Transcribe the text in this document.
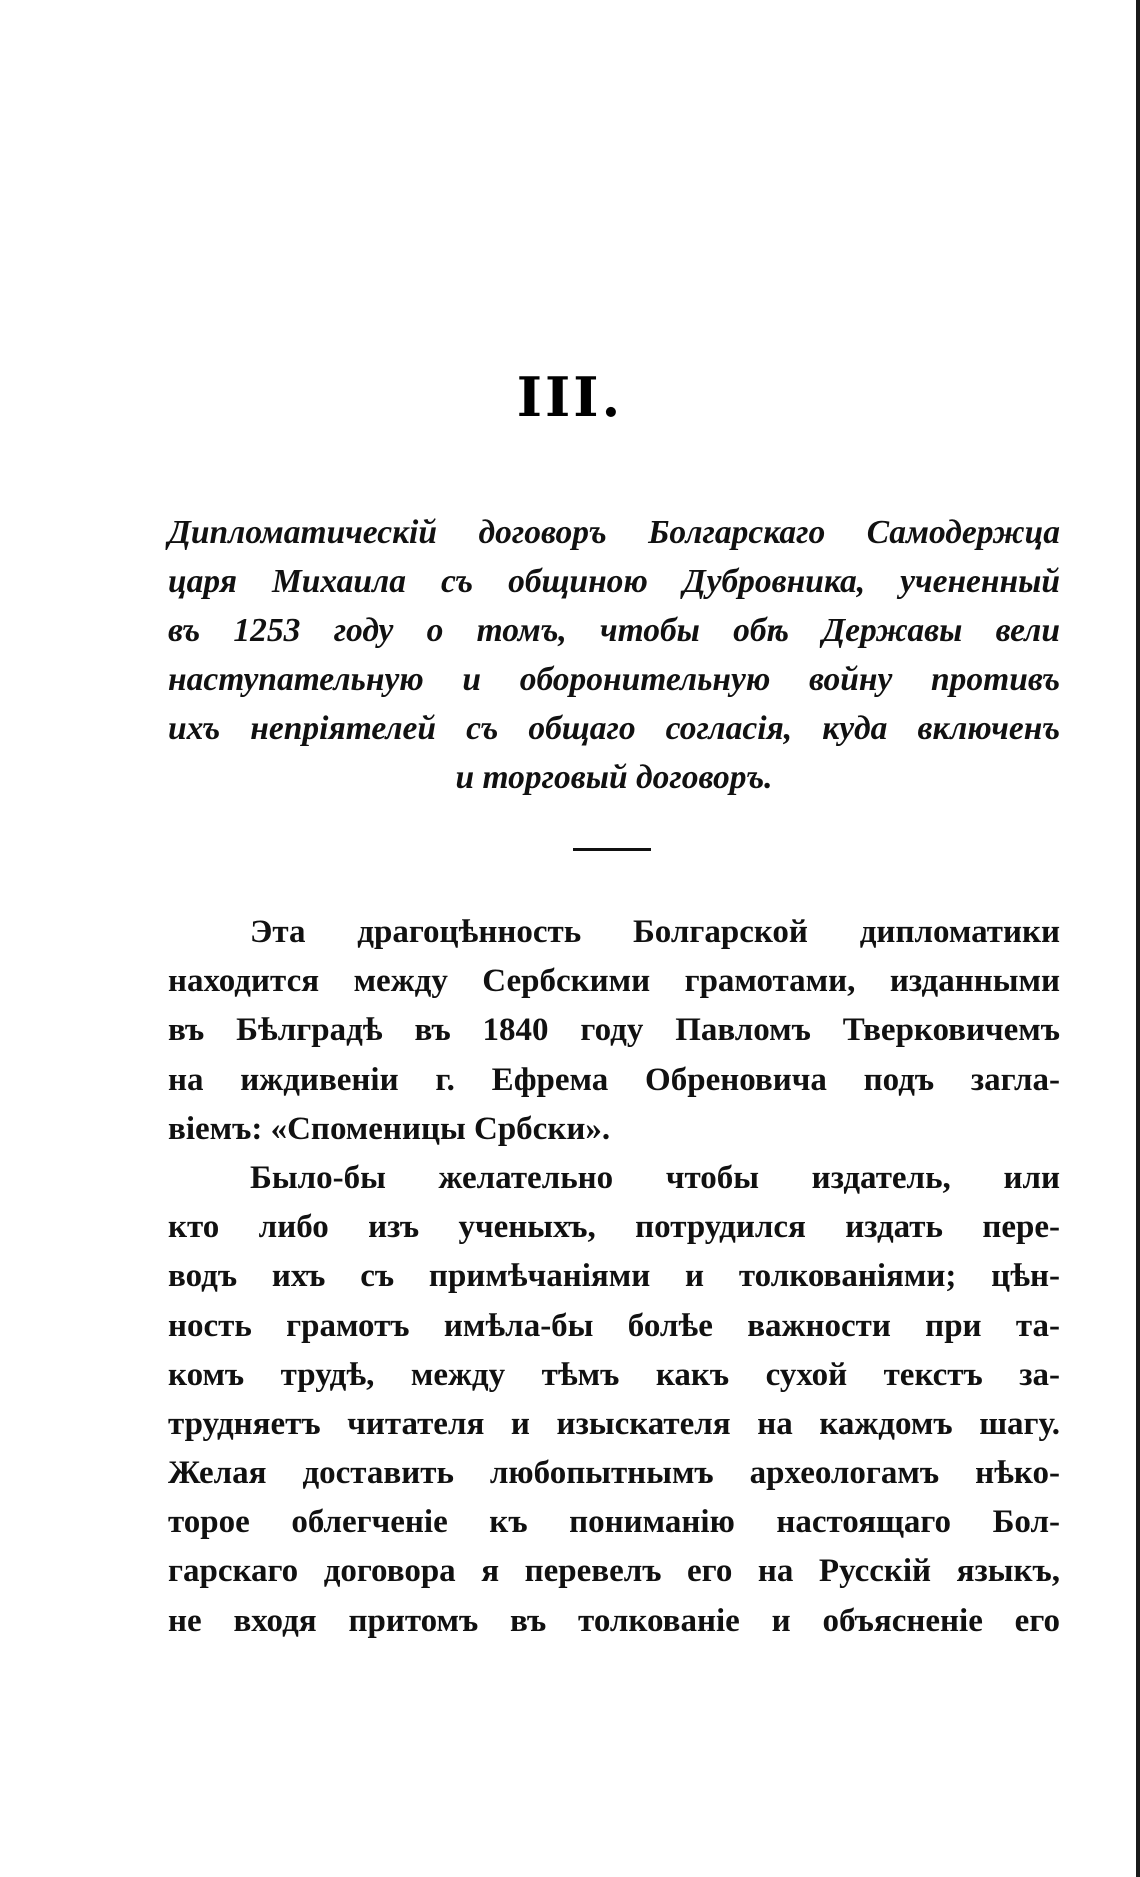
III.
Дипломатическій договоръ Болгарскаго Самодержца
царя Михаила съ общиною Дубровника, учененный
въ 1253 году о томъ, чтобы обѣ Державы вели
наступательную и оборонительную войну противъ
ихъ непріятелей съ общаго согласія, куда включенъ
и торговый договоръ.
Эта драгоцѣнность Болгарской дипломатики
находится между Сербскими грамотами, изданными
въ Бѣлградѣ въ 1840 году Павломъ Тверковичемъ
на иждивеніи г. Ефрема Обреновича подъ загла-
віемъ: «Споменицы Србски».
Было-бы желательно чтобы издатель, или
кто либо изъ ученыхъ, потрудился издать пере-
водъ ихъ съ примѣчаніями и толкованіями; цѣн-
ность грамотъ имѣла-бы болѣе важности при та-
комъ трудѣ, между тѣмъ какъ сухой текстъ за-
трудняетъ читателя и изыскателя на каждомъ шагу.
Желая доставить любопытнымъ археологамъ нѣко-
торое облегченіе къ пониманію настоящаго Бол-
гарскаго договора я перевелъ его на Русскій языкъ,
не входя притомъ въ толкованіе и объясненіе его
